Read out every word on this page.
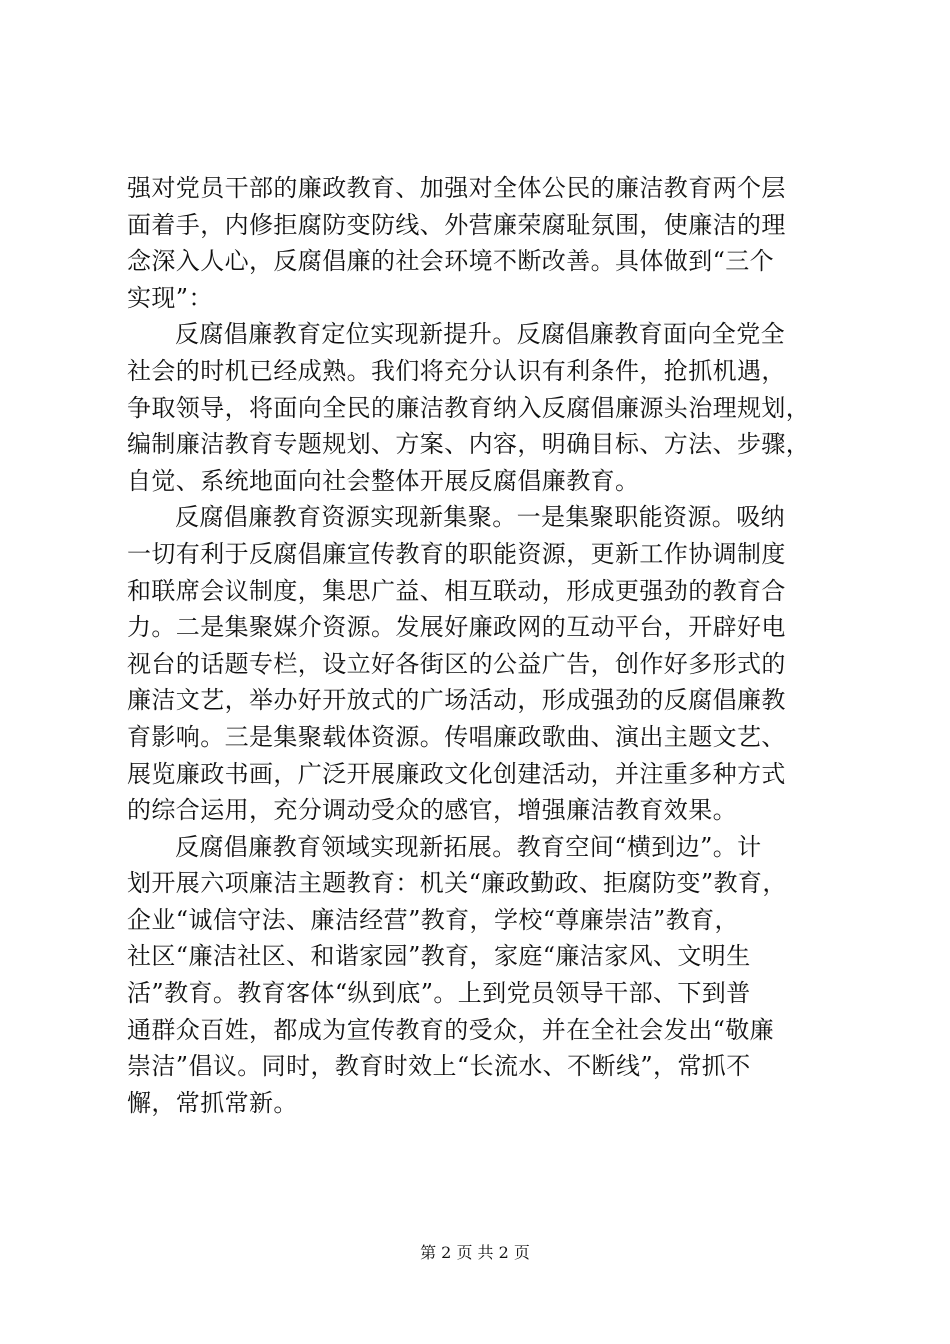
强对党员干部的廉政教育、加强对全体公民的廉洁教育两个层
面着手，内修拒腐防变防线、外营廉荣腐耻氛围，使廉洁的理
念深入人心，反腐倡廉的社会环境不断改善。具体做到“三个
实现”：

反腐倡廉教育定位实现新提升。反腐倡廉教育面向全党全
社会的时机已经成熟。我们将充分认识有利条件，抢抓机遇，
争取领导，将面向全民的廉洁教育纳入反腐倡廉源头治理规划，
编制廉洁教育专题规划、方案、内容，明确目标、方法、步骤，
自觉、系统地面向社会整体开展反腐倡廉教育。

反腐倡廉教育资源实现新集聚。一是集聚职能资源。吸纳
一切有利于反腐倡廉宣传教育的职能资源，更新工作协调制度
和联席会议制度，集思广益、相互联动，形成更强劲的教育合
力。二是集聚媒介资源。发展好廉政网的互动平台，开辟好电
视台的话题专栏，设立好各街区的公益广告，创作好多形式的
廉洁文艺，举办好开放式的广场活动，形成强劲的反腐倡廉教
育影响。三是集聚载体资源。传唱廉政歌曲、演出主题文艺、
展览廉政书画，广泛开展廉政文化创建活动，并注重多种方式
的综合运用，充分调动受众的感官，增强廉洁教育效果。

反腐倡廉教育领域实现新拓展。教育空间“横到边”。计
划开展六项廉洁主题教育：机关“廉政勤政、拒腐防变”教育，
企业“诚信守法、廉洁经营”教育，学校“尊廉崇洁”教育，
社区“廉洁社区、和谐家园”教育，家庭“廉洁家风、文明生
活”教育。教育客体“纵到底”。上到党员领导干部、下到普
通群众百姓，都成为宣传教育的受众，并在全社会发出“敬廉
崇洁”倡议。同时，教育时效上“长流水、不断线”，常抓不
懈，常抓常新。

第 2 页 共 2 页
